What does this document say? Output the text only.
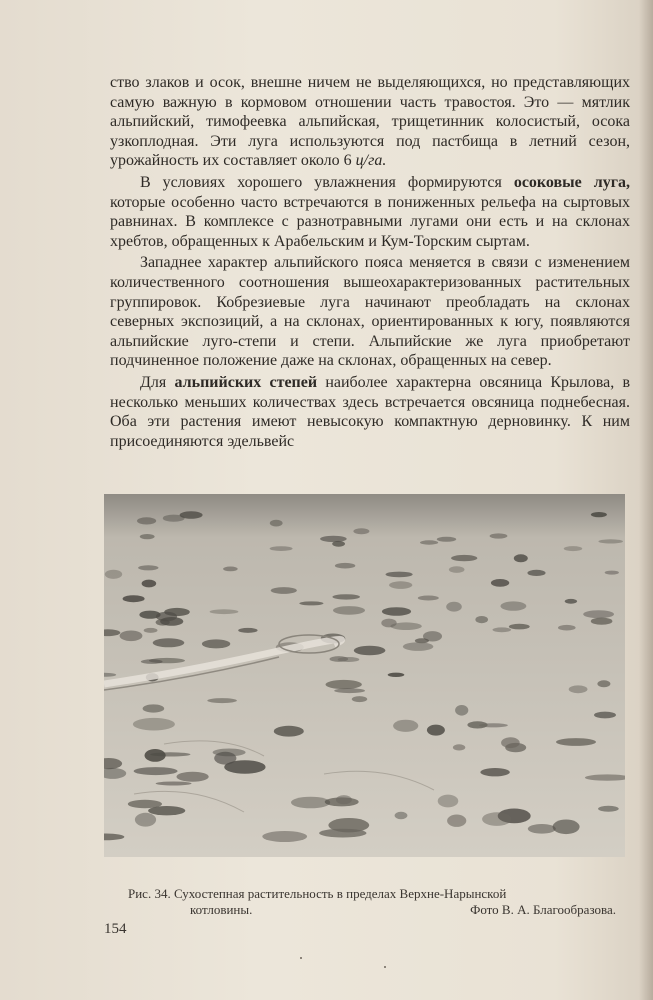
ство злаков и осок, внешне ничем не выделяющихся, но представляющих самую важную в кормовом отношении часть травостоя. Это — мятлик альпийский, тимофеевка альпийская, трищетинник колосистый, осока узкоплодная. Эти луга используются под пастбища в летний сезон, урожайность их составляет около 6 ц/га.

В условиях хорошего увлажнения формируются осоковые луга, которые особенно часто встречаются в пониженных рельефа на сыртовых равнинах. В комплексе с разнотравными лугами они есть и на склонах хребтов, обращенных к Арабельским и Кум-Торским сыртам.

Западнее характер альпийского пояса меняется в связи с изменением количественного соотношения вышеохарактеризованных растительных группировок. Кобрезиевые луга начинают преобладать на склонах северных экспозиций, а на склонах, ориентированных к югу, появляются альпийские луго-степи и степи. Альпийские же луга приобретают подчиненное положение даже на склонах, обращенных на север.

Для альпийских степей наиболее характерна овсяница Крылова, в несколько меньших количествах здесь встречается овсяница поднебесная. Оба эти растения имеют невысокую компактную дерновинку. К ним присоединяются эдельвейс

Рис. 34. Сухостепная растительность в пределах Верхне-Нарынской
котловины.	Фото В. А. Благообразова.
154
